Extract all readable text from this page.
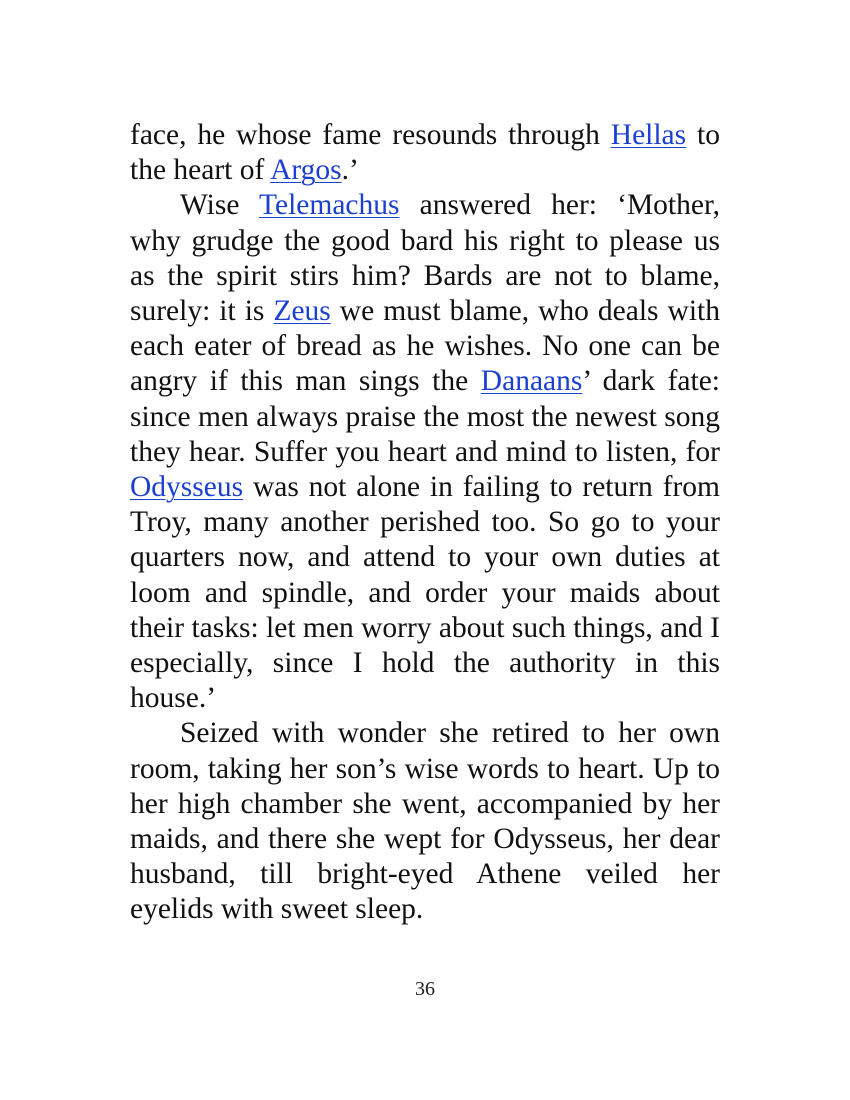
face, he whose fame resounds through Hellas to the heart of Argos.’

Wise Telemachus answered her: ‘Mother, why grudge the good bard his right to please us as the spirit stirs him? Bards are not to blame, surely: it is Zeus we must blame, who deals with each eater of bread as he wishes. No one can be angry if this man sings the Danaans’ dark fate: since men always praise the most the newest song they hear. Suffer you heart and mind to listen, for Odysseus was not alone in failing to return from Troy, many another perished too. So go to your quarters now, and attend to your own duties at loom and spindle, and order your maids about their tasks: let men worry about such things, and I especially, since I hold the authority in this house.’

Seized with wonder she retired to her own room, taking her son’s wise words to heart. Up to her high chamber she went, accompanied by her maids, and there she wept for Odysseus, her dear husband, till bright-eyed Athene veiled her eyelids with sweet sleep.

36
